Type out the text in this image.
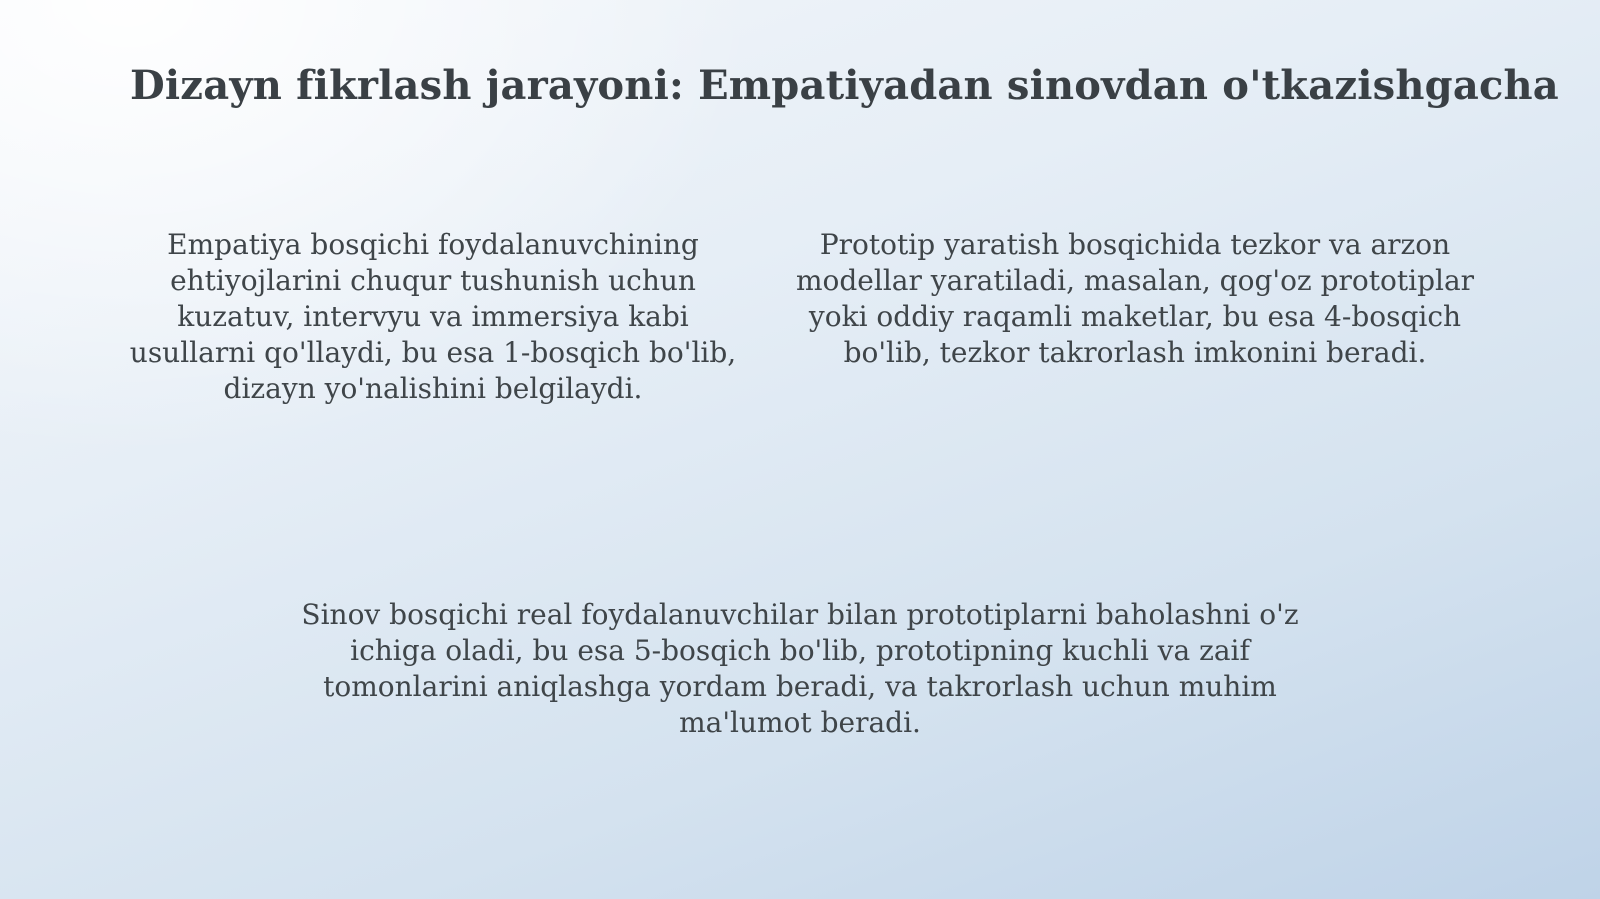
Dizayn fikrlash jarayoni: Empatiyadan sinovdan o'tkazishgacha
Empatiya bosqichi foydalanuvchining ehtiyojlarini chuqur tushunish uchun kuzatuv, intervyu va immersiya kabi usullarni qo'llaydi, bu esa 1-bosqich bo'lib, dizayn yo'nalishini belgilaydi.
Prototip yaratish bosqichida tezkor va arzon modellar yaratiladi, masalan, qog'oz prototiplar yoki oddiy raqamli maketlar, bu esa 4-bosqich bo'lib, tezkor takrorlash imkonini beradi.
Sinov bosqichi real foydalanuvchilar bilan prototiplarni baholashni o'z ichiga oladi, bu esa 5-bosqich bo'lib, prototipning kuchli va zaif tomonlarini aniqlashga yordam beradi, va takrorlash uchun muhim ma'lumot beradi.
